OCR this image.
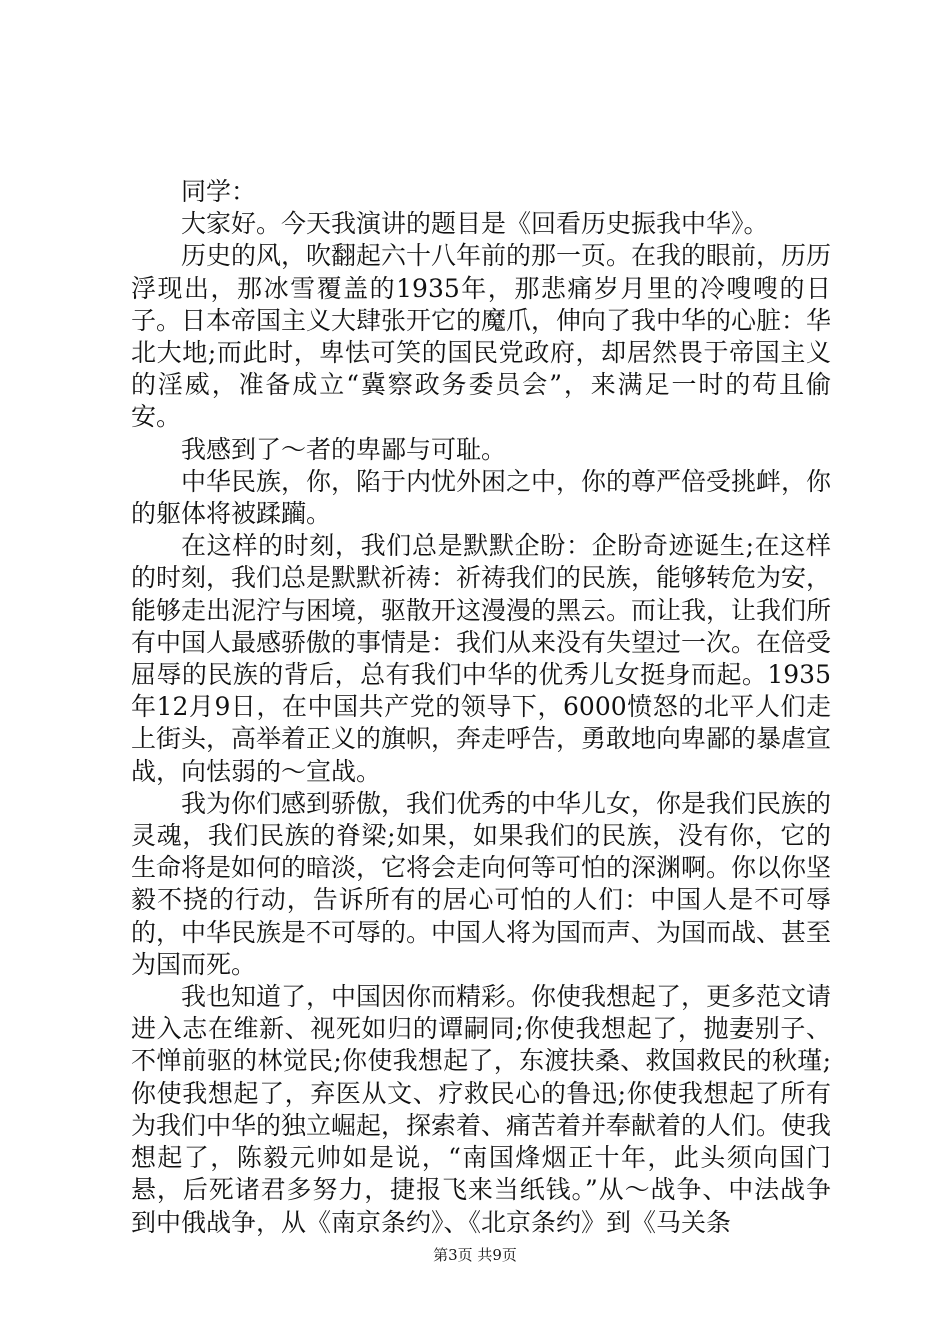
同学：

大家好。今天我演讲的题目是《回看历史振我中华》。

历史的风，吹翻起六十八年前的那一页。在我的眼前，历历浮现出，那冰雪覆盖的1935年，那悲痛岁月里的冷嗖嗖的日子。日本帝国主义大肆张开它的魔爪，伸向了我中华的心脏：华北大地;而此时，卑怯可笑的国民党政府，却居然畏于帝国主义的淫威，准备成立“冀察政务委员会”，来满足一时的苟且偷安。

我感到了～者的卑鄙与可耻。

中华民族，你，陷于内忧外困之中，你的尊严倍受挑衅，你的躯体将被蹂躏。

在这样的时刻，我们总是默默企盼：企盼奇迹诞生;在这样的时刻，我们总是默默祈祷：祈祷我们的民族，能够转危为安，能够走出泥泞与困境，驱散开这漫漫的黑云。而让我，让我们所有中国人最感骄傲的事情是：我们从来没有失望过一次。在倍受屈辱的民族的背后，总有我们中华的优秀儿女挺身而起。1935年12月9日，在中国共产党的领导下，6000愤怒的北平人们走上街头，高举着正义的旗帜，奔走呼告，勇敢地向卑鄙的暴虐宣战，向怯弱的～宣战。

我为你们感到骄傲，我们优秀的中华儿女，你是我们民族的灵魂，我们民族的脊梁;如果，如果我们的民族，没有你，它的生命将是如何的暗淡，它将会走向何等可怕的深渊啊。你以你坚毅不挠的行动，告诉所有的居心可怕的人们：中国人是不可辱的，中华民族是不可辱的。中国人将为国而声、为国而战、甚至为国而死。

我也知道了，中国因你而精彩。你使我想起了，更多范文请进入志在维新、视死如归的谭嗣同;你使我想起了，抛妻别子、不惮前驱的林觉民;你使我想起了，东渡扶桑、救国救民的秋瑾;你使我想起了，弃医从文、疗救民心的鲁迅;你使我想起了所有为我们中华的独立崛起，探索着、痛苦着并奉献着的人们。使我想起了，陈毅元帅如是说，“南国烽烟正十年，此头须向国门悬，后死诸君多努力，捷报飞来当纸钱。”从～战争、中法战争到中俄战争，从《南京条约》、《北京条约》到《马关条

第3页 共9页
